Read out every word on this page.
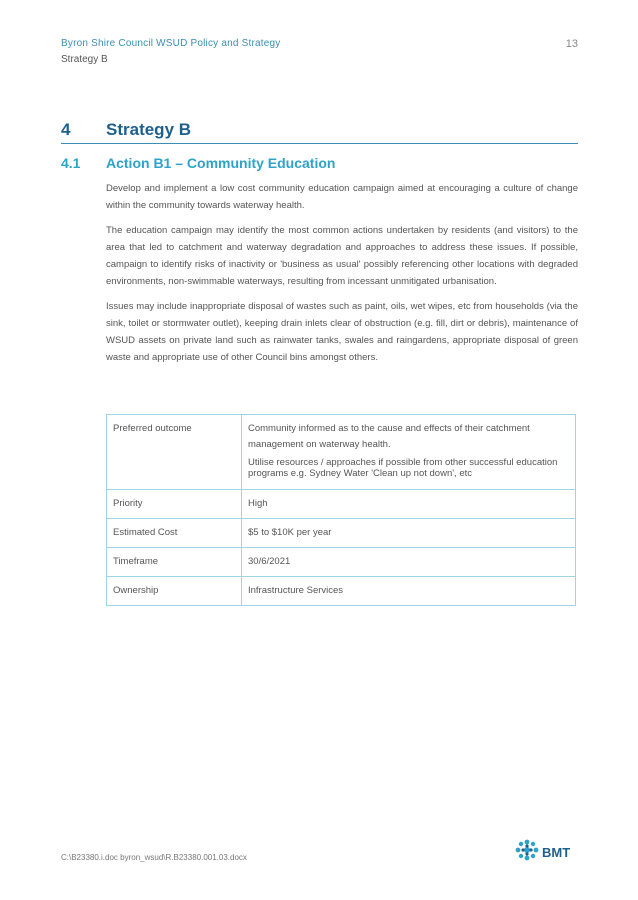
Byron Shire Council WSUD Policy and Strategy
Strategy B
13
4 Strategy B
4.1 Action B1 – Community Education

Develop and implement a low cost community education campaign aimed at encouraging a culture of change within the community towards waterway health.

The education campaign may identify the most common actions undertaken by residents (and visitors) to the area that led to catchment and waterway degradation and approaches to address these issues. If possible, campaign to identify risks of inactivity or 'business as usual' possibly referencing other locations with degraded environments, non-swimmable waterways, resulting from incessant unmitigated urbanisation.

Issues may include inappropriate disposal of wastes such as paint, oils, wet wipes, etc from households (via the sink, toilet or stormwater outlet), keeping drain inlets clear of obstruction (e.g. fill, dirt or debris), maintenance of WSUD assets on private land such as rainwater tanks, swales and raingardens, appropriate disposal of green waste and appropriate use of other Council bins amongst others.

Preferred outcome	Community informed as to the cause and effects of their catchment management on waterway health.

Utilise resources / approaches if possible from other successful education programs e.g. Sydney Water 'Clean up not down', etc

Priority	High
Estimated Cost	$5 to $10K per year
Timeframe	30/6/2021
Ownership	Infrastructure Services
C:\B23380.i.doc byron_wsud\R.B23380.001.03.docx	BMT
